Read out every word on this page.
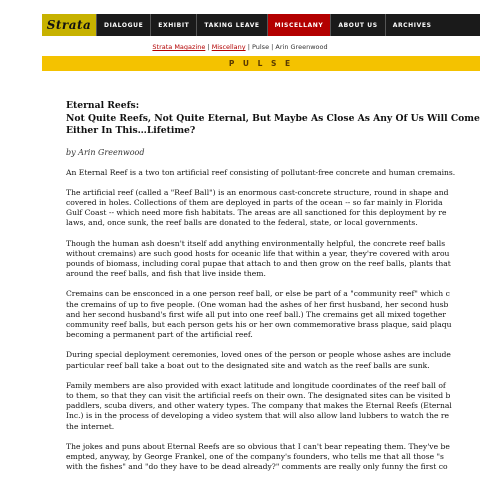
Strata	DIALOGUE	EXHIBIT	TAKING LEAVE	MISCELLANY	ABOUT US	ARCHIVES
Strata Magazine | Miscellany | Pulse | Arin Greenwood
P U L S E
Eternal Reefs:
Not Quite Reefs, Not Quite Eternal, But Maybe As Close As Any Of Us Will Come
Either In This…Lifetime?
by Arin Greenwood

An Eternal Reef is a two ton artificial reef consisting of pollutant-free concrete and human cremains.

The artificial reef (called a "Reef Ball") is an enormous cast-concrete structure, round in shape and
covered in holes. Collections of them are deployed in parts of the ocean -- so far mainly in Florida
Gulf Coast -- which need more fish habitats. The areas are all sanctioned for this deployment by re
laws, and, once sunk, the reef balls are donated to the federal, state, or local governments.

Though the human ash doesn't itself add anything environmentally helpful, the concrete reef balls
without cremains) are such good hosts for oceanic life that within a year, they're covered with arou
pounds of biomass, including coral pupae that attach to and then grow on the reef balls, plants that
around the reef balls, and fish that live inside them.

Cremains can be ensconced in a one person reef ball, or else be part of a "community reef" which c
the cremains of up to five people. (One woman had the ashes of her first husband, her second husb
and her second husband's first wife all put into one reef ball.) The cremains get all mixed together
community reef balls, but each person gets his or her own commemorative brass plaque, said plaqu
becoming a permanent part of the artificial reef.

During special deployment ceremonies, loved ones of the person or people whose ashes are include
particular reef ball take a boat out to the designated site and watch as the reef balls are sunk.

Family members are also provided with exact latitude and longitude coordinates of the reef ball of
to them, so that they can visit the artificial reefs on their own. The designated sites can be visited b
paddlers, scuba divers, and other watery types. The company that makes the Eternal Reefs (Eternal
Inc.) is in the process of developing a video system that will also allow land lubbers to watch the re
the internet.

The jokes and puns about Eternal Reefs are so obvious that I can't bear repeating them. They've be
empted, anyway, by George Frankel, one of the company's founders, who tells me that all those "s
with the fishes" and "do they have to be dead already?" comments are really only funny the first co
